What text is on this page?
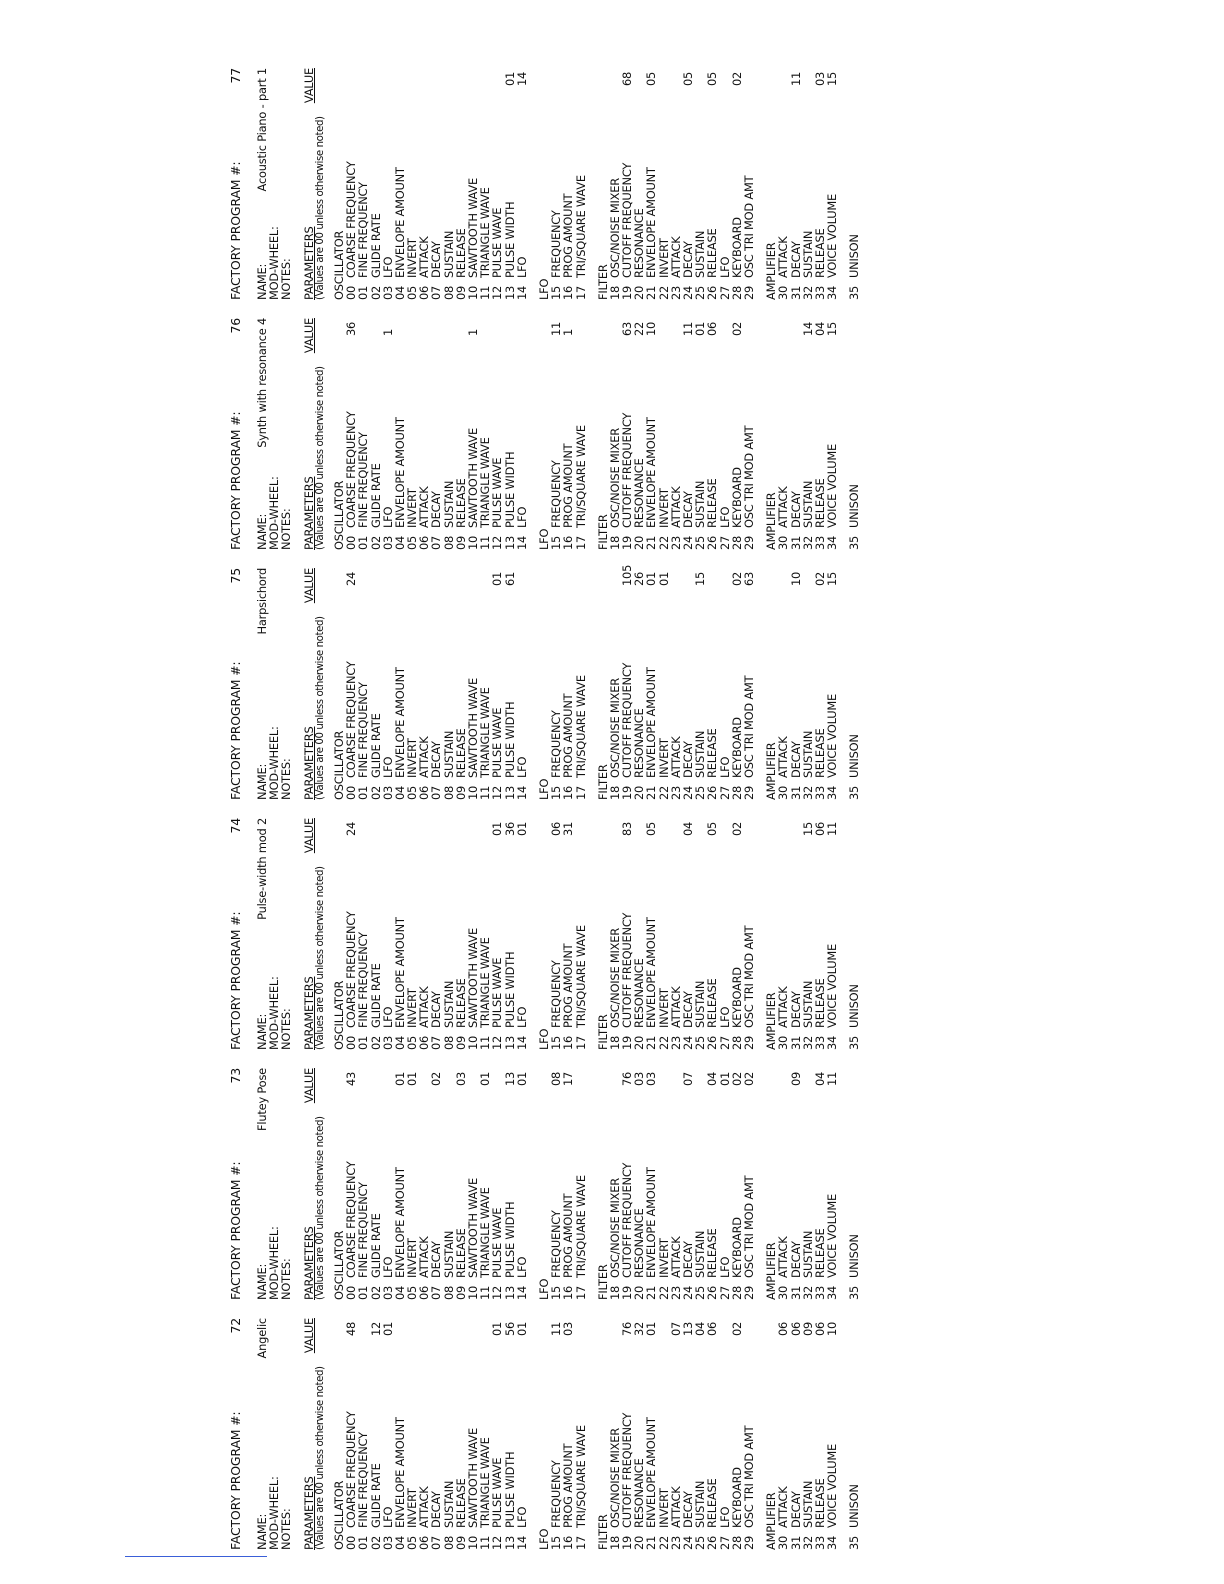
FACTORY PROGRAM #:
72
NAME:
Angelic
MOD-WHEEL:
NOTES: PARAMETERS
VALUE
(Values are 00 unless otherwise noted) OSCILLATOR
00
COARSE FREQUENCY
48
01
FINE FREQUENCY
02
GLIDE RATE
12
03
LFO
01
04
ENVELOPE AMOUNT
05
INVERT
06
ATTACK
07
DECAY
08
SUSTAIN
09
RELEASE
10
SAWTOOTH WAVE
11
TRIANGLE WAVE
12
PULSE WAVE
01
13
PULSE WIDTH
56
14
LFO
01
LFO
15
FREQUENCY
11
16
PROG AMOUNT
03
17
TRI/SQUARE WAVE
FILTER
18
OSC/NOISE MIXER
19
CUTOFF FREQUENCY
76
20
RESONANCE
32
21
ENVELOPE AMOUNT
01
22
INVERT
23
ATTACK
07
24
DECAY
13
25
SUSTAIN
04
26
RELEASE
06
27
LFO
28
KEYBOARD
02
29
OSC TRI MOD AMT AMPLIFIER
30
ATTACK
06
31
DECAY
06
32
SUSTAIN
09
33
RELEASE
06
34
VOICE VOLUME
10
35
UNISON
FACTORY PROGRAM #:
73
NAME:
Flutey Pose
MOD-WHEEL:
NOTES: PARAMETERS
VALUE
(Values are 00 unless otherwise noted) OSCILLATOR
00
COARSE FREQUENCY
43
01
FINE FREQUENCY
02
GLIDE RATE
03
LFO
04
ENVELOPE AMOUNT
01
05
INVERT
01
06
ATTACK
07
DECAY
02
08
SUSTAIN
09
RELEASE
03
10
SAWTOOTH WAVE
11
TRIANGLE WAVE
01
12
PULSE WAVE
13
PULSE WIDTH
13
14
LFO
01
LFO
15
FREQUENCY
08
16
PROG AMOUNT
17
17
TRI/SQUARE WAVE
FILTER
18
OSC/NOISE MIXER
19
CUTOFF FREQUENCY
76
20
RESONANCE
03
21
ENVELOPE AMOUNT
03
22
INVERT
23
ATTACK
24
DECAY
07
25
SUSTAIN
26
RELEASE
04
27
LFO
01
28
KEYBOARD
02
29
OSC TRI MOD AMT
02
AMPLIFIER
30
ATTACK
31
DECAY
09
32
SUSTAIN
33
RELEASE
04
34
VOICE VOLUME
11
35
UNISON
FACTORY PROGRAM #:
74
NAME:
Pulse-width mod 2
MOD-WHEEL:
NOTES: PARAMETERS
VALUE
(Values are 00 unless otherwise noted) OSCILLATOR
00
COARSE FREQUENCY
24
01
FINE FREQUENCY
02
GLIDE RATE
03
LFO
04
ENVELOPE AMOUNT
05
INVERT
06
ATTACK
07
DECAY
08
SUSTAIN
09
RELEASE
10
SAWTOOTH WAVE
11
TRIANGLE WAVE
12
PULSE WAVE
01
13
PULSE WIDTH
36
14
LFO
01
LFO
15
FREQUENCY
06
16
PROG AMOUNT
31
17
TRI/SQUARE WAVE
FILTER
18
OSC/NOISE MIXER
19
CUTOFF FREQUENCY
83
20
RESONANCE
21
ENVELOPE AMOUNT
05
22
INVERT
23
ATTACK
24
DECAY
04
25
SUSTAIN
26
RELEASE
05
27
LFO
28
KEYBOARD
02
29
OSC TRI MOD AMT AMPLIFIER
30
ATTACK
31
DECAY
32
SUSTAIN
15
33
RELEASE
06
34
VOICE VOLUME
11
35
UNISON
FACTORY PROGRAM #:
75
NAME:
Harpsichord
MOD-WHEEL:
NOTES: PARAMETERS
VALUE
(Values are 00 unless otherwise noted) OSCILLATOR
00
COARSE FREQUENCY
24
01
FINE FREQUENCY
02
GLIDE RATE
03
LFO
04
ENVELOPE AMOUNT
05
INVERT
06
ATTACK
07
DECAY
08
SUSTAIN
09
RELEASE
10
SAWTOOTH WAVE
11
TRIANGLE WAVE
12
PULSE WAVE
01
13
PULSE WIDTH
61
14
LFO
LFO
15
FREQUENCY
16
PROG AMOUNT
17
TRI/SQUARE WAVE
FILTER
18
OSC/NOISE MIXER
19
CUTOFF FREQUENCY
105
20
RESONANCE
26
21
ENVELOPE AMOUNT
01
22
INVERT
01
23
ATTACK
24
DECAY
25
SUSTAIN
15
26
RELEASE
27
LFO
28
KEYBOARD
02
29
OSC TRI MOD AMT
63
AMPLIFIER
30
ATTACK
31
DECAY
10
32
SUSTAIN
33
RELEASE
02
34
VOICE VOLUME
15
35
UNISON
FACTORY PROGRAM #:
76
NAME:
Synth with resonance 4
MOD-WHEEL:
NOTES: PARAMETERS
VALUE
(Values are 00 unless otherwise noted) OSCILLATOR
00
COARSE FREQUENCY
36
01
FINE FREQUENCY
02
GLIDE RATE
03
LFO
1
04
ENVELOPE AMOUNT
05
INVERT
06
ATTACK
07
DECAY
08
SUSTAIN
09
RELEASE
10
SAWTOOTH WAVE
1
11
TRIANGLE WAVE
12
PULSE WAVE
13
PULSE WIDTH
14
LFO
LFO
15
FREQUENCY
11
16
PROG AMOUNT
1
17
TRI/SQUARE WAVE
FILTER
18
OSC/NOISE MIXER
19
CUTOFF FREQUENCY
63
20
RESONANCE
22
21
ENVELOPE AMOUNT
10
22
INVERT
23
ATTACK
24
DECAY
11
25
SUSTAIN
01
26
RELEASE
06
27
LFO
28
KEYBOARD
02
29
OSC TRI MOD AMT AMPLIFIER
30
ATTACK
31
DECAY
32
SUSTAIN
14
33
RELEASE
04
34
VOICE VOLUME
15
35
UNISON
FACTORY PROGRAM #:
77
NAME:
Acoustic Piano - part 1
MOD-WHEEL:
NOTES: PARAMETERS
VALUE
(Values are 00 unless otherwise noted) OSCILLATOR
00
COARSE FREQUENCY
01
FINE FREQUENCY
02
GLIDE RATE
03
LFO
04
ENVELOPE AMOUNT
05
INVERT
06
ATTACK
07
DECAY
08
SUSTAIN
09
RELEASE
10
SAWTOOTH WAVE
11
TRIANGLE WAVE
12
PULSE WAVE
13
PULSE WIDTH
01
14
LFO
14
LFO
15
FREQUENCY
16
PROG AMOUNT
17
TRI/SQUARE WAVE
FILTER
18
OSC/NOISE MIXER
19
CUTOFF FREQUENCY
68
20
RESONANCE
21
ENVELOPE AMOUNT
05
22
INVERT
23
ATTACK
24
DECAY
05
25
SUSTAIN
26
RELEASE
05
27
LFO
28
KEYBOARD
02
29
OSC TRI MOD AMT AMPLIFIER
30
ATTACK
31
DECAY
11
32
SUSTAIN
33
RELEASE
03
34
VOICE VOLUME
15
35
UNISON
